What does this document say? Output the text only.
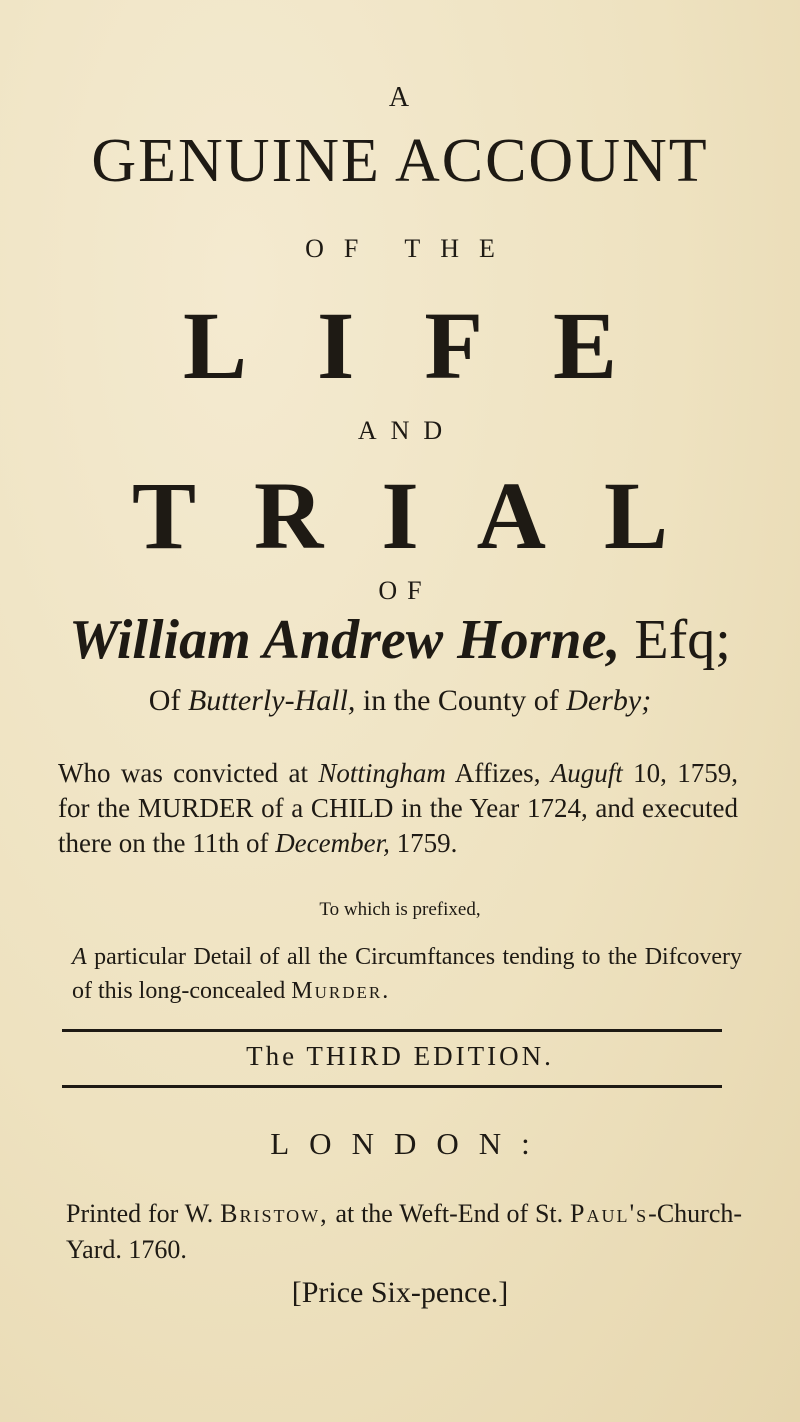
A
GENUINE ACCOUNT
OF THE
LIFE
AND
TRIAL
OF
William Andrew Horne, Efq;
Of Butterly-Hall, in the County of Derby;
Who was convicted at Nottingham Affizes, Auguft 10, 1759, for the MURDER of a CHILD in the Year 1724, and executed there on the 11th of December, 1759.
To which is prefixed,
A particular Detail of all the Circumftances tending to the Difcovery of this long-concealed Murder.
The THIRD EDITION.
LONDON:
Printed for W. Bristow, at the Weft-End of St. Paul's-Church-Yard. 1760.
[Price Six-pence.]
